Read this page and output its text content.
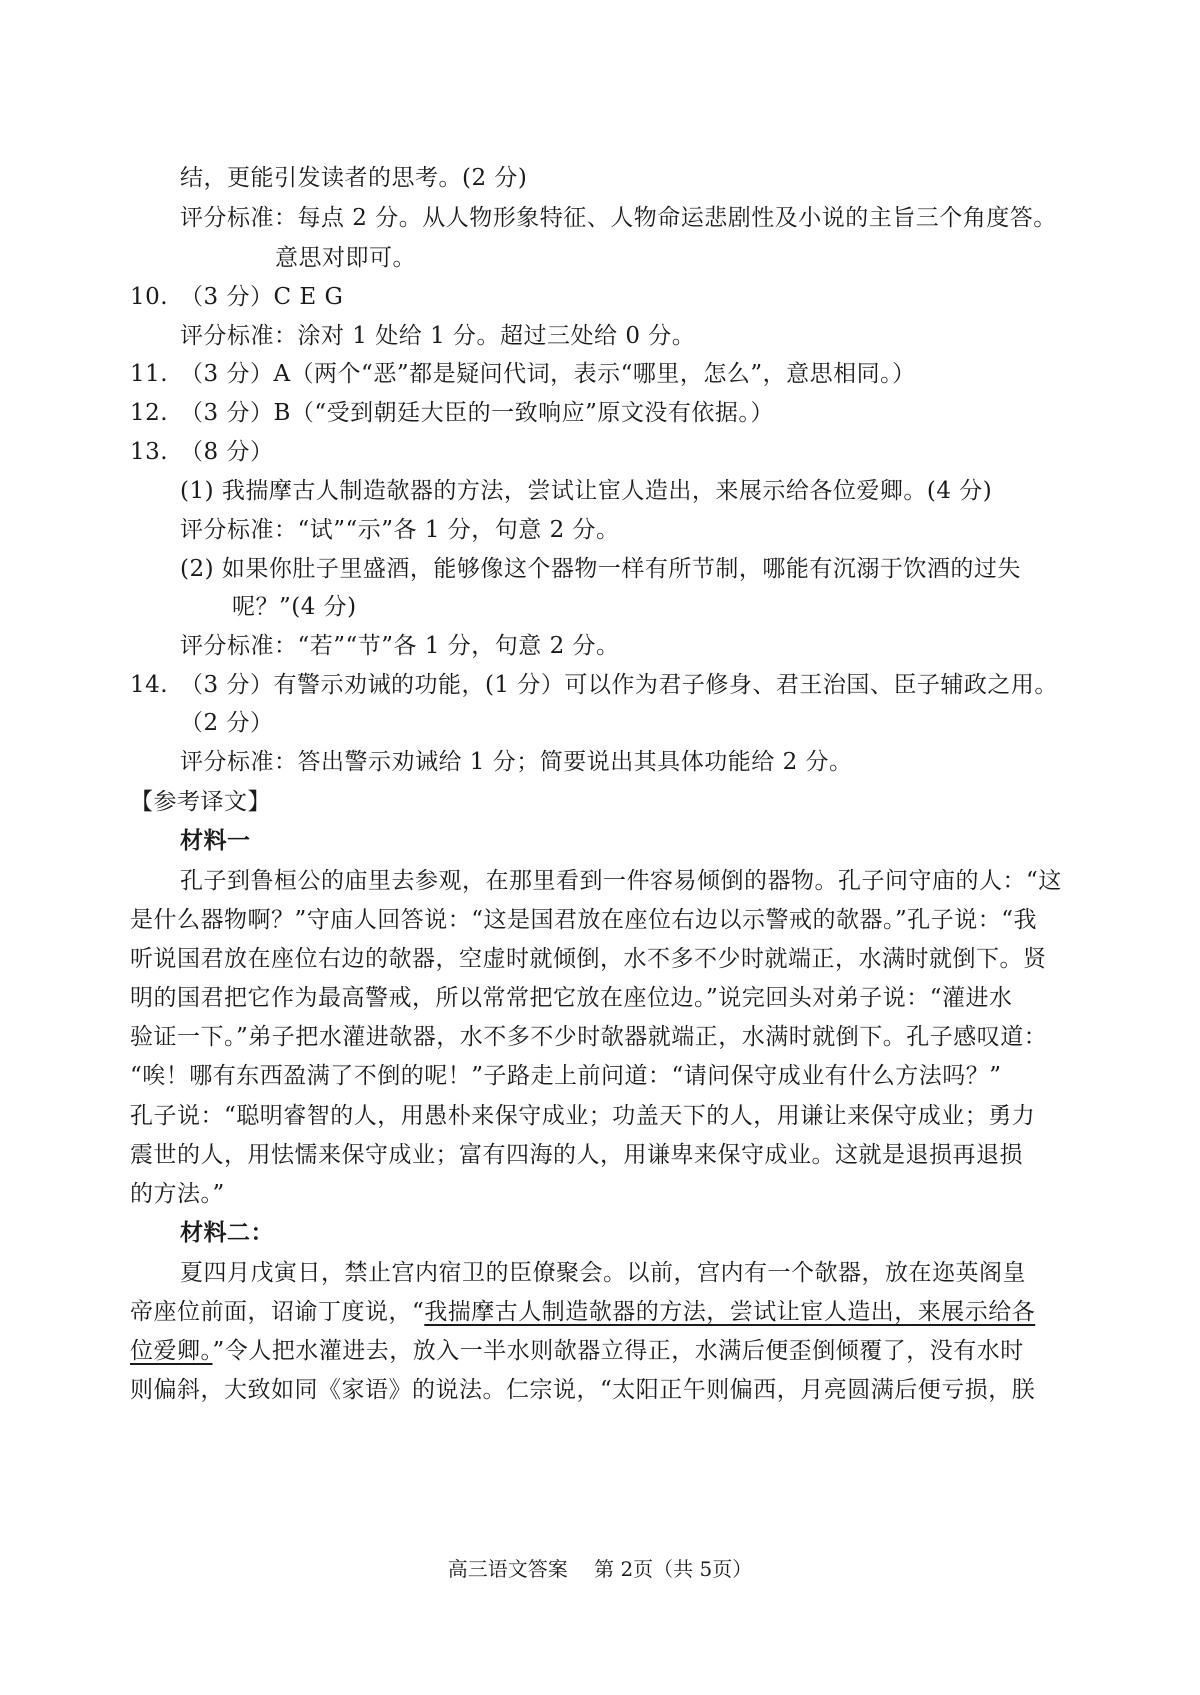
结，更能引发读者的思考。(2 分)
评分标准：每点 2 分。从人物形象特征、人物命运悲剧性及小说的主旨三个角度答。
意思对即可。
10. （3 分）C E G
评分标准：涂对 1 处给 1 分。超过三处给 0 分。
11. （3 分）A（两个“恶”都是疑问代词，表示“哪里，怎么”，意思相同。）
12. （3 分）B（“受到朝廷大臣的一致响应”原文没有依据。）
13. （8 分）
(1) 我揣摩古人制造欹器的方法，尝试让宦人造出，来展示给各位爱卿。(4 分)
评分标准：“试”“示”各 1 分，句意 2 分。
(2) 如果你肚子里盛酒，能够像这个器物一样有所节制，哪能有沉溺于饮酒的过失
呢？”(4 分)
评分标准：“若”“节”各 1 分，句意 2 分。
14. （3 分）有警示劝诫的功能，(1 分）可以作为君子修身、君王治国、臣子辅政之用。
（2 分）
评分标准：答出警示劝诫给 1 分；简要说出其具体功能给 2 分。
【参考译文】
材料一
孔子到鲁桓公的庙里去参观，在那里看到一件容易倾倒的器物。孔子问守庙的人：“这
是什么器物啊？”守庙人回答说：“这是国君放在座位右边以示警戒的欹器。”孔子说：“我
听说国君放在座位右边的欹器，空虚时就倾倒，水不多不少时就端正，水满时就倒下。贤
明的国君把它作为最高警戒，所以常常把它放在座位边。”说完回头对弟子说：“灌进水
验证一下。”弟子把水灌进欹器，水不多不少时欹器就端正，水满时就倒下。孔子感叹道：
“唉！哪有东西盈满了不倒的呢！”子路走上前问道：“请问保守成业有什么方法吗？”
孔子说：“聪明睿智的人，用愚朴来保守成业；功盖天下的人，用谦让来保守成业；勇力
震世的人，用怯懦来保守成业；富有四海的人，用谦卑来保守成业。这就是退损再退损
的方法。”
材料二：
夏四月戊寅日，禁止宫内宿卫的臣僚聚会。以前，宫内有一个欹器，放在迩英阁皇
帝座位前面，诏谕丁度说，“我揣摩古人制造欹器的方法，尝试让宦人造出，来展示给各
位爱卿。”令人把水灌进去，放入一半水则欹器立得正，水满后便歪倒倾覆了，没有水时
则偏斜，大致如同《家语》的说法。仁宗说，“太阳正午则偏西，月亮圆满后便亏损，朕
高三语文答案　 第 2页（共 5页）
